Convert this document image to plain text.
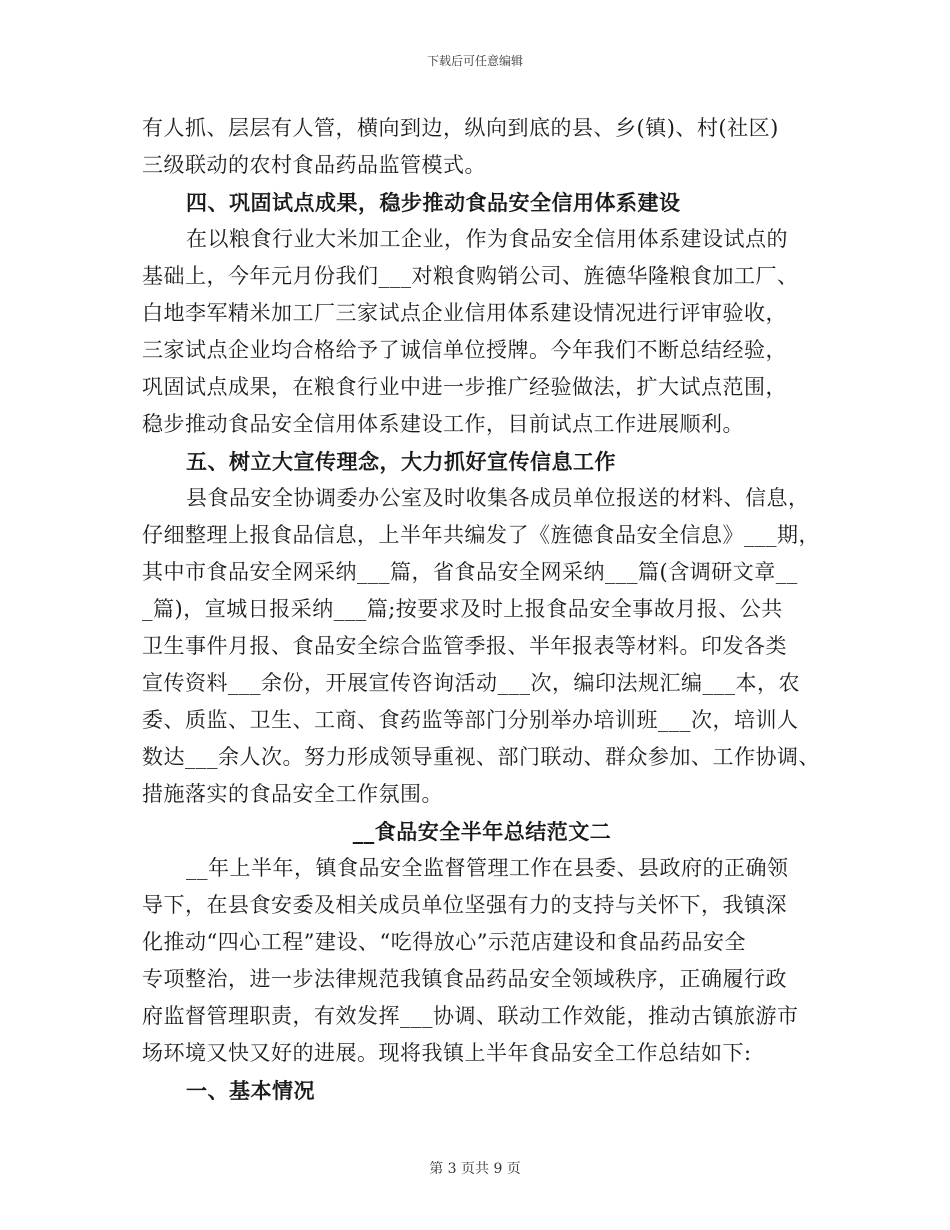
下载后可任意编辑
有人抓、层层有人管，横向到边，纵向到底的县、乡(镇)、村(社区)
三级联动的农村食品药品监管模式。
四、巩固试点成果，稳步推动食品安全信用体系建设
在以粮食行业大米加工企业，作为食品安全信用体系建设试点的
基础上，今年元月份我们___对粮食购销公司、旌德华隆粮食加工厂、
白地李军精米加工厂三家试点企业信用体系建设情况进行评审验收，
三家试点企业均合格给予了诚信单位授牌。今年我们不断总结经验，
巩固试点成果，在粮食行业中进一步推广经验做法，扩大试点范围，
稳步推动食品安全信用体系建设工作，目前试点工作进展顺利。
五、树立大宣传理念，大力抓好宣传信息工作
县食品安全协调委办公室及时收集各成员单位报送的材料、信息，
仔细整理上报食品信息，上半年共编发了《旌德食品安全信息》___期，
其中市食品安全网采纳___篇，省食品安全网采纳___篇(含调研文章__
_篇)，宣城日报采纳___篇;按要求及时上报食品安全事故月报、公共
卫生事件月报、食品安全综合监管季报、半年报表等材料。印发各类
宣传资料___余份，开展宣传咨询活动___次，编印法规汇编___本，农
委、质监、卫生、工商、食药监等部门分别举办培训班___次，培训人
数达___余人次。努力形成领导重视、部门联动、群众参加、工作协调、
措施落实的食品安全工作氛围。
__食品安全半年总结范文二
__年上半年，镇食品安全监督管理工作在县委、县政府的正确领
导下，在县食安委及相关成员单位坚强有力的支持与关怀下，我镇深
化推动“四心工程”建设、“吃得放心”示范店建设和食品药品安全
专项整治，进一步法律规范我镇食品药品安全领域秩序，正确履行政
府监督管理职责，有效发挥___协调、联动工作效能，推动古镇旅游市
场环境又快又好的进展。现将我镇上半年食品安全工作总结如下:
一、基本情况
第 3 页共 9 页
